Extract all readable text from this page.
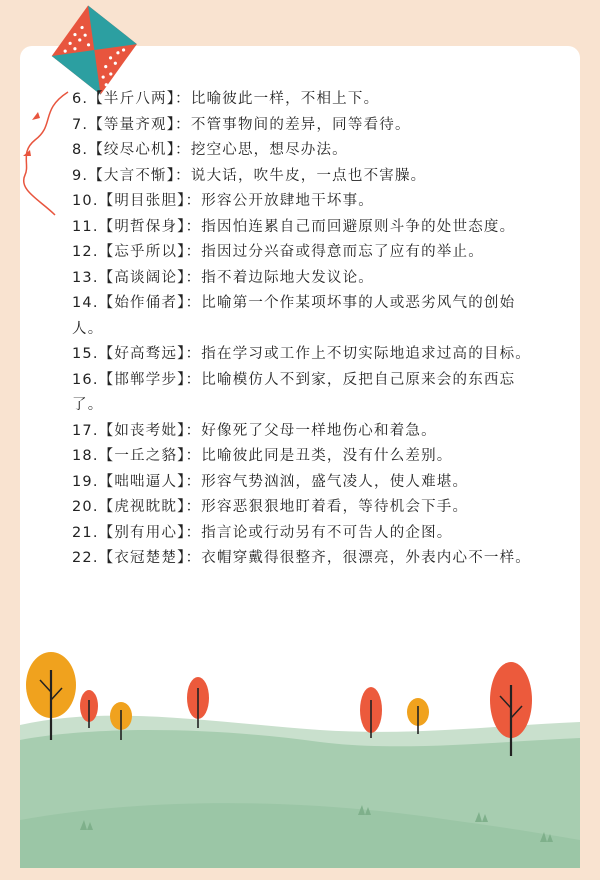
6.【半斤八两】：比喻彼此一样，不相上下。

7.【等量齐观】：不管事物间的差异，同等看待。

8.【绞尽心机】：挖空心思，想尽办法。

9.【大言不惭】：说大话，吹牛皮，一点也不害臊。

10.【明目张胆】：形容公开放肆地干坏事。

11.【明哲保身】：指因怕连累自己而回避原则斗争的处世态度。

12.【忘乎所以】：指因过分兴奋或得意而忘了应有的举止。

13.【高谈阔论】：指不着边际地大发议论。

14.【始作俑者】：比喻第一个作某项坏事的人或恶劣风气的创始人。

15.【好高骛远】：指在学习或工作上不切实际地追求过高的目标。

16.【邯郸学步】：比喻模仿人不到家，反把自己原来会的东西忘了。

17.【如丧考妣】：好像死了父母一样地伤心和着急。

18.【一丘之貉】：比喻彼此同是丑类，没有什么差别。

19.【咄咄逼人】：形容气势汹汹，盛气凌人，使人难堪。

20.【虎视眈眈】：形容恶狠狠地盯着看，等待机会下手。

21.【别有用心】：指言论或行动另有不可告人的企图。

22.【衣冠楚楚】：衣帽穿戴得很整齐，很漂亮，外表内心不一样。
